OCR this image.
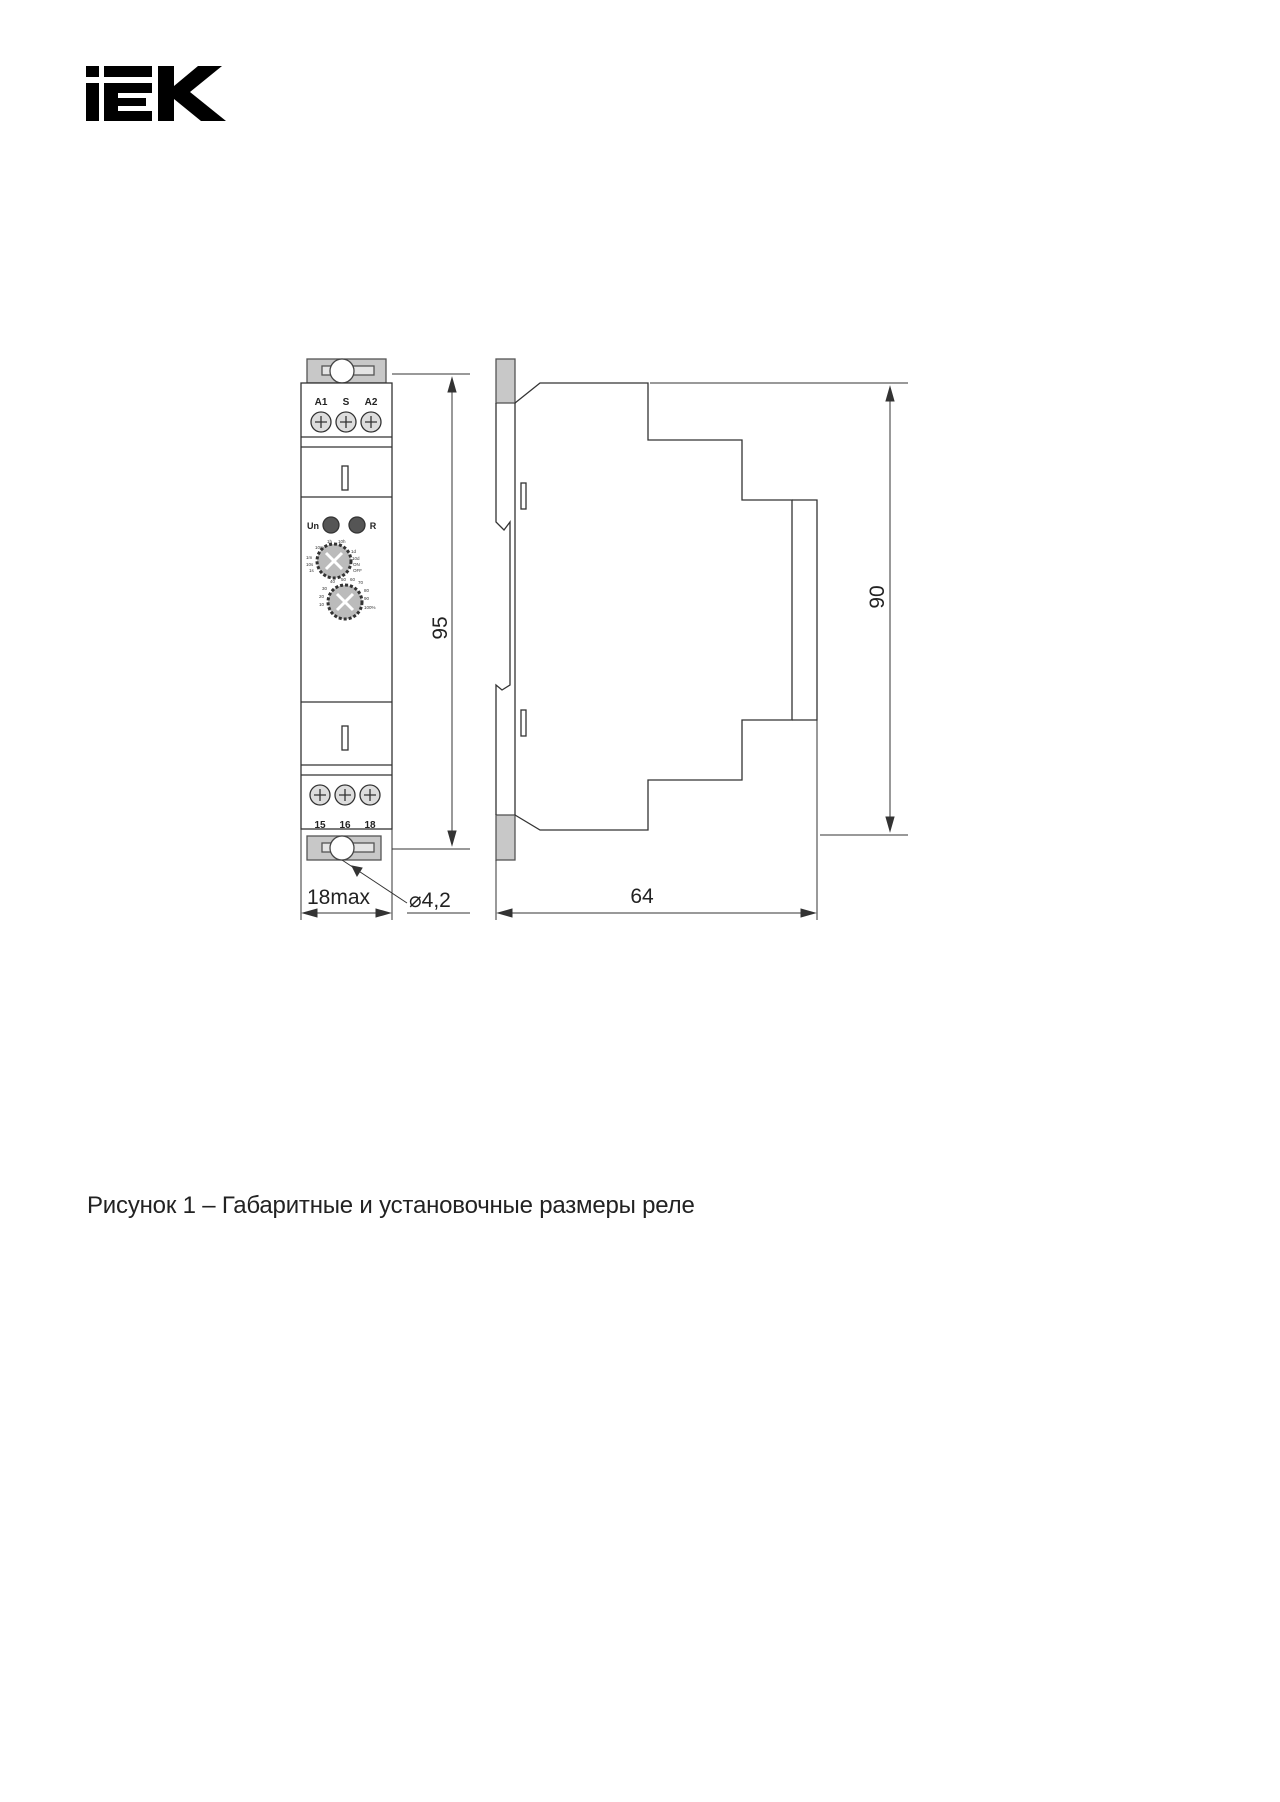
A1 S A2
15 16 18
Un	R
10m
1h 10h
1d
10d
ON
OFF
1s
10s
1m
40 50 60
70
80
90
100%
30
20
10
95
90
18max ⌀4,2	64
Рисунок 1 – Габаритные и установочные размеры реле
